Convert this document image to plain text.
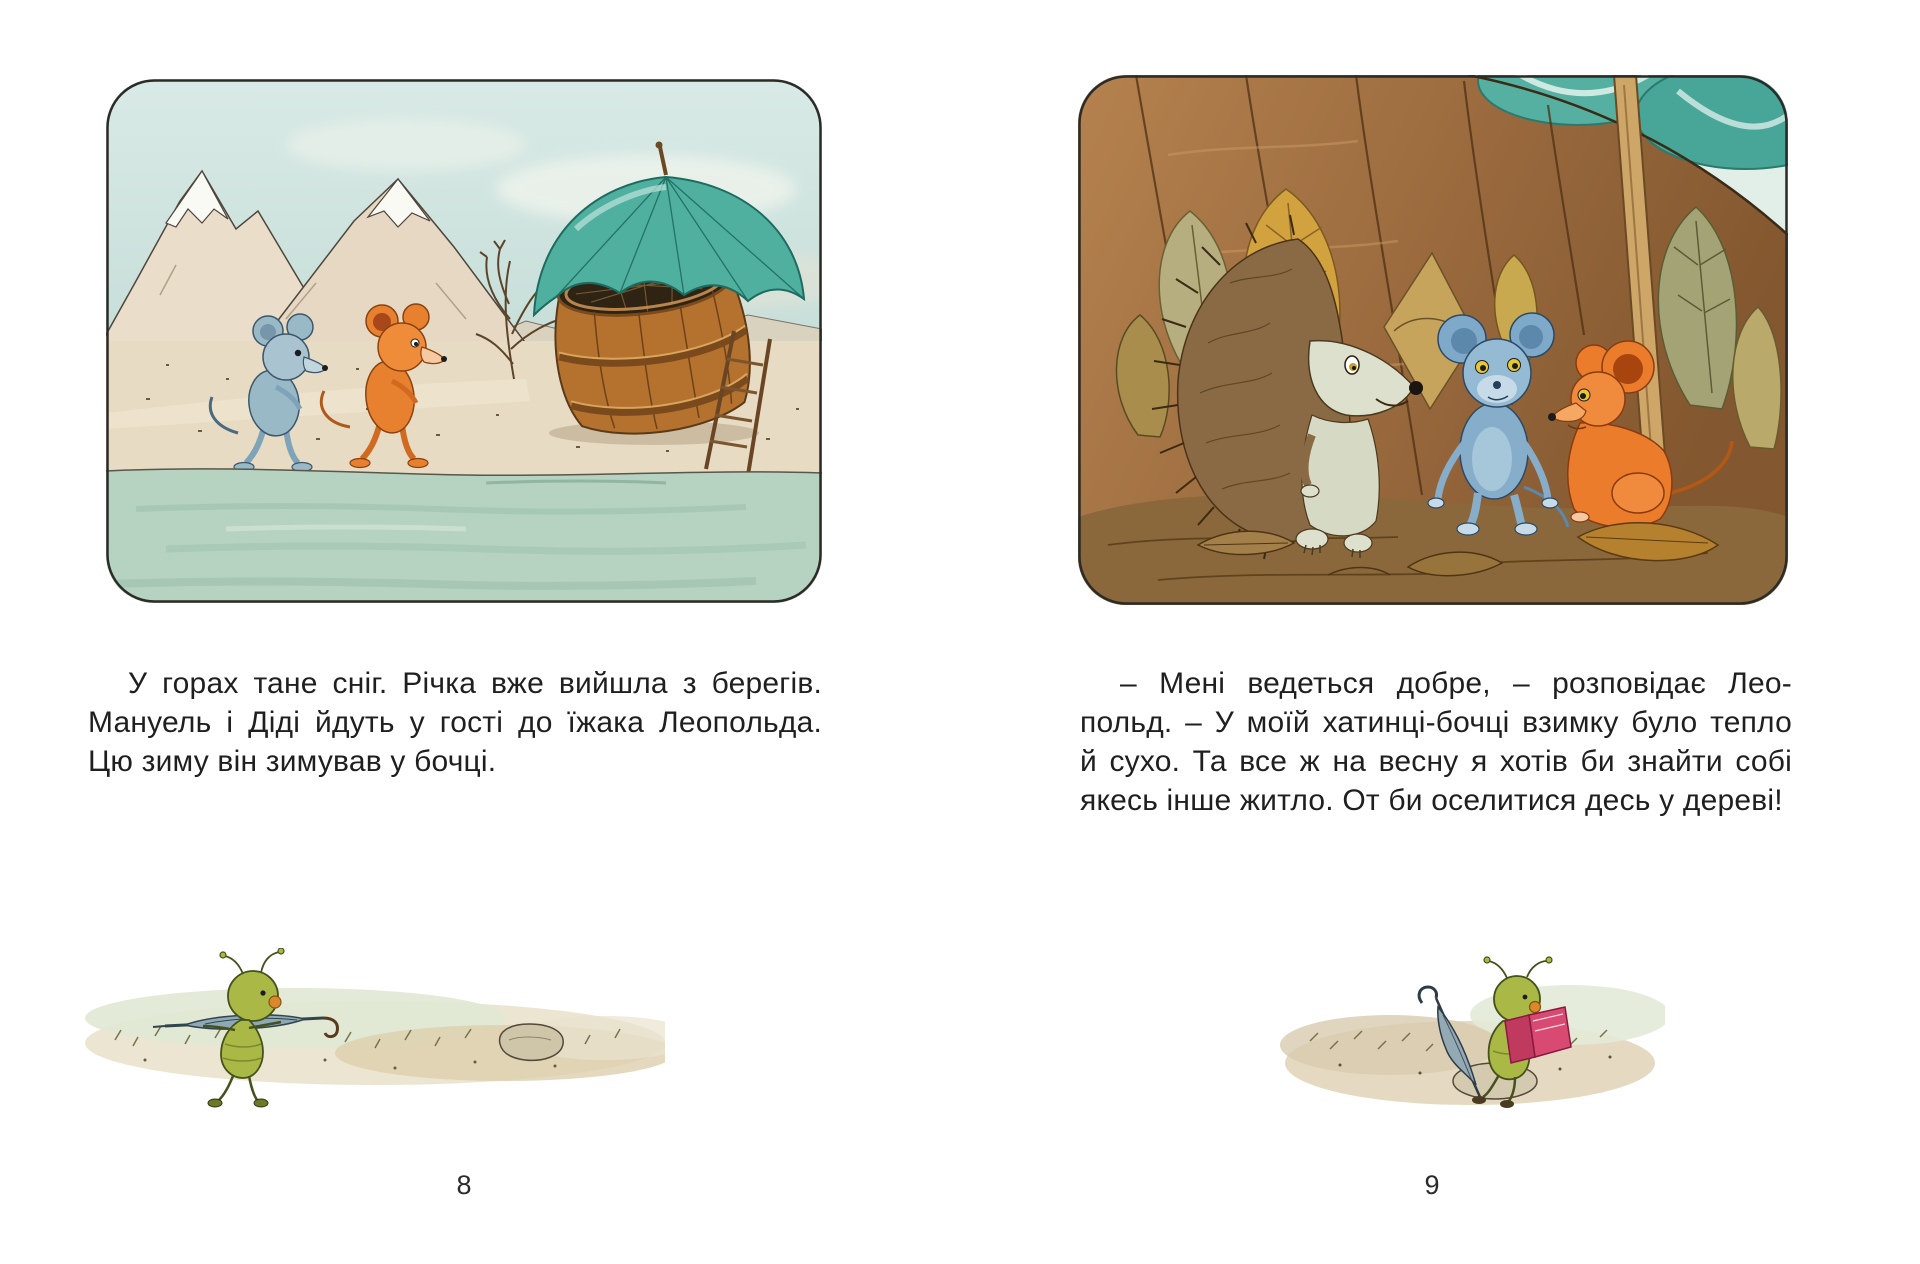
У горах тане сніг. Річка вже вийшла з берегів.
Мануель і Діді йдуть у гості до їжака Леопольда.
Цю зиму він зимував у бочці.
8
– Мені ведеться добре, – розповідає Лео-
польд. – У моїй хатинці-бочці взимку було тепло
й сухо. Та все ж на весну я хотів би знайти собі
якесь інше житло. От би оселитися десь у дереві!
9
